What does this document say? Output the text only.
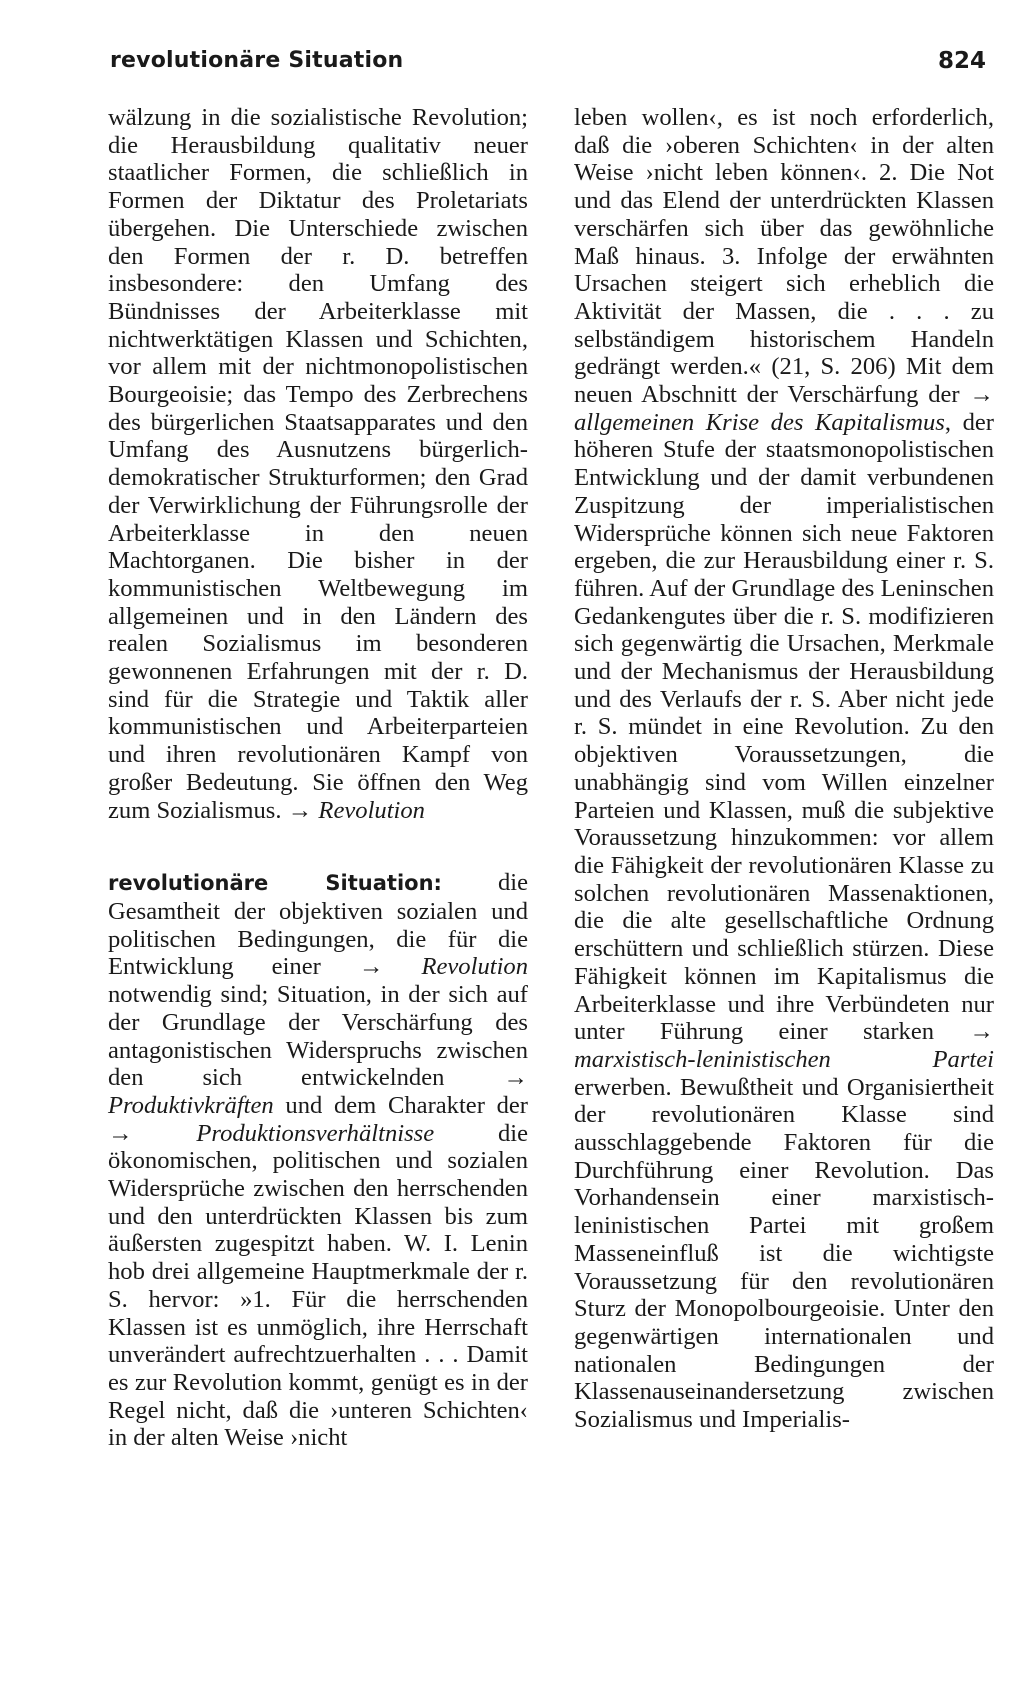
revolutionäre Situation	824

wälzung in die sozialistische Revolution; die Herausbildung qualitativ neuer staatlicher Formen, die schließlich in Formen der Diktatur des Proletariats übergehen. Die Unterschiede zwischen den Formen der r. D. betreffen insbesondere: den Umfang des Bündnisses der Arbeiterklasse mit nichtwerktätigen Klassen und Schichten, vor allem mit der nichtmonopolistischen Bourgeoisie; das Tempo des Zerbrechens des bürgerlichen Staatsapparates und den Umfang des Ausnutzens bürgerlich-demokratischer Strukturformen; den Grad der Verwirklichung der Führungsrolle der Arbeiterklasse in den neuen Machtorganen. Die bisher in der kommunistischen Weltbewegung im allgemeinen und in den Ländern des realen Sozialismus im besonderen gewonnenen Erfahrungen mit der r. D. sind für die Strategie und Taktik aller kommunistischen und Arbeiterparteien und ihren revolutionären Kampf von großer Bedeutung. Sie öffnen den Weg zum Sozialismus. → Revolution

revolutionäre Situation: die Gesamtheit der objektiven sozialen und politischen Bedingungen, die für die Entwicklung einer → Revolution notwendig sind; Situation, in der sich auf der Grundlage der Verschärfung des antagonistischen Widerspruchs zwischen den sich entwickelnden → Produktivkräften und dem Charakter der → Produktionsverhältnisse die ökonomischen, politischen und sozialen Widersprüche zwischen den herrschenden und den unterdrückten Klassen bis zum äußersten zugespitzt haben. W. I. Lenin hob drei allgemeine Hauptmerkmale der r. S. hervor: »1. Für die herrschenden Klassen ist es unmöglich, ihre Herrschaft unverändert aufrechtzuerhalten . . . Damit es zur Revolution kommt, genügt es in der Regel nicht, daß die ›unteren Schichten‹ in der alten Weise ›nicht

leben wollen‹, es ist noch erforderlich, daß die ›oberen Schichten‹ in der alten Weise ›nicht leben können‹. 2. Die Not und das Elend der unterdrückten Klassen verschärfen sich über das gewöhnliche Maß hinaus. 3. Infolge der erwähnten Ursachen steigert sich erheblich die Aktivität der Massen, die . . . zu selbständigem historischem Handeln gedrängt werden.« (21, S. 206) Mit dem neuen Abschnitt der Verschärfung der → allgemeinen Krise des Kapitalismus, der höheren Stufe der staatsmonopolistischen Entwicklung und der damit verbundenen Zuspitzung der imperialistischen Widersprüche können sich neue Faktoren ergeben, die zur Herausbildung einer r. S. führen. Auf der Grundlage des Leninschen Gedankengutes über die r. S. modifizieren sich gegenwärtig die Ursachen, Merkmale und der Mechanismus der Herausbildung und des Verlaufs der r. S. Aber nicht jede r. S. mündet in eine Revolution. Zu den objektiven Voraussetzungen, die unabhängig sind vom Willen einzelner Parteien und Klassen, muß die subjektive Voraussetzung hinzukommen: vor allem die Fähigkeit der revolutionären Klasse zu solchen revolutionären Massenaktionen, die die alte gesellschaftliche Ordnung erschüttern und schließlich stürzen. Diese Fähigkeit können im Kapitalismus die Arbeiterklasse und ihre Verbündeten nur unter Führung einer starken → marxistisch-leninistischen Partei erwerben. Bewußtheit und Organisiertheit der revolutionären Klasse sind ausschlaggebende Faktoren für die Durchführung einer Revolution. Das Vorhandensein einer marxistisch-leninistischen Partei mit großem Masseneinfluß ist die wichtigste Voraussetzung für den revolutionären Sturz der Monopolbourgeoisie. Unter den gegenwärtigen internationalen und nationalen Bedingungen der Klassenauseinandersetzung zwischen Sozialismus und Imperialis-
